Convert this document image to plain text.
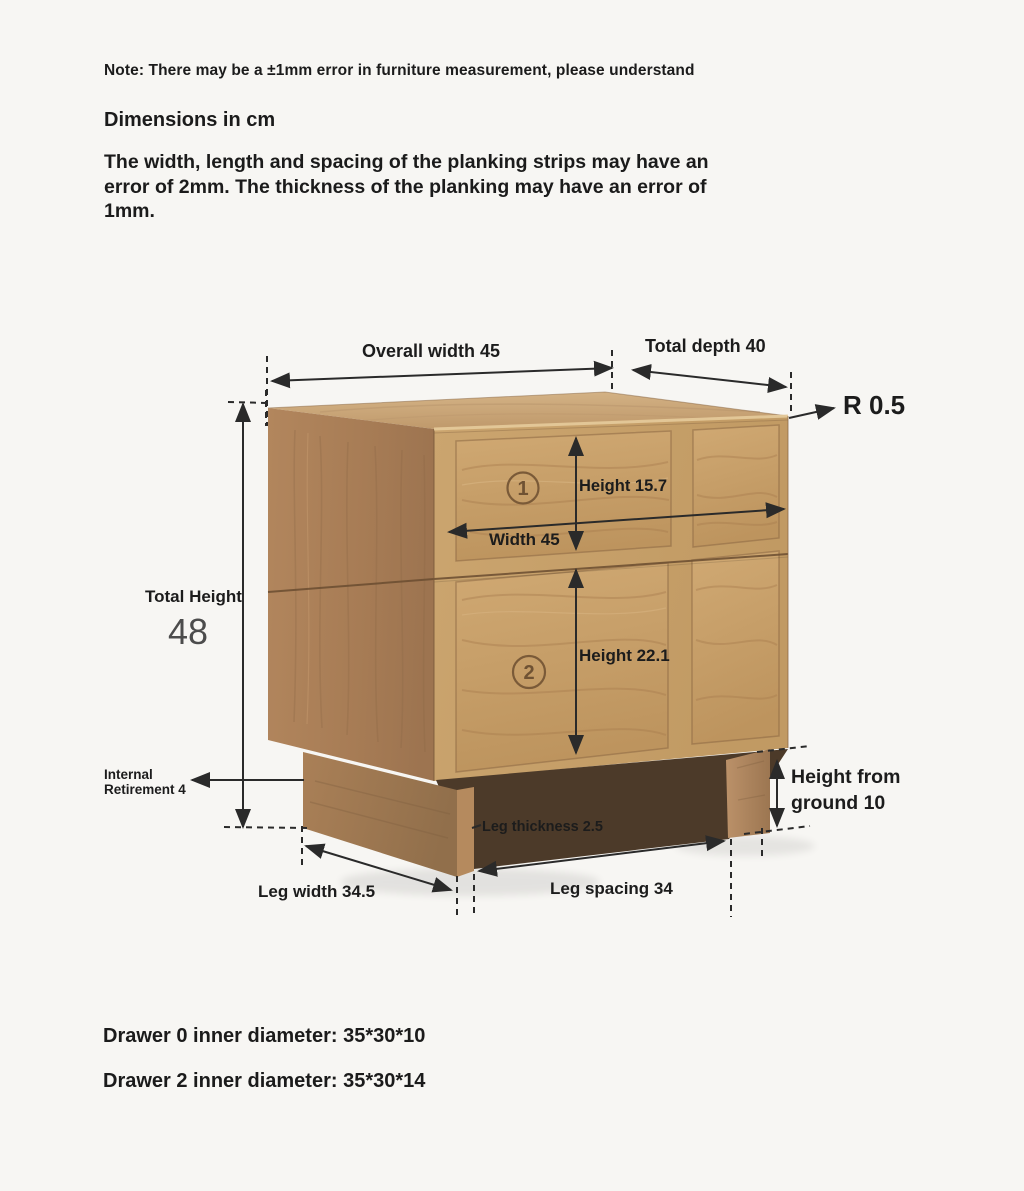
Note: There may be a ±1mm error in furniture measurement, please understand
Dimensions in cm
The width, length and spacing of the planking strips may have an error of 2mm. The thickness of the planking may have an error of 1mm.
Overall width 45	Total depth 40
R 0.5
Total Height
48
Height 15.7
Width 45
Height 22.1
Internal
Retirement 4
Leg thickness 2.5
Leg width 34.5	Leg spacing 34
Height from
ground 10
1
2
Drawer 0 inner diameter: 35*30*10
Drawer 2 inner diameter: 35*30*14
